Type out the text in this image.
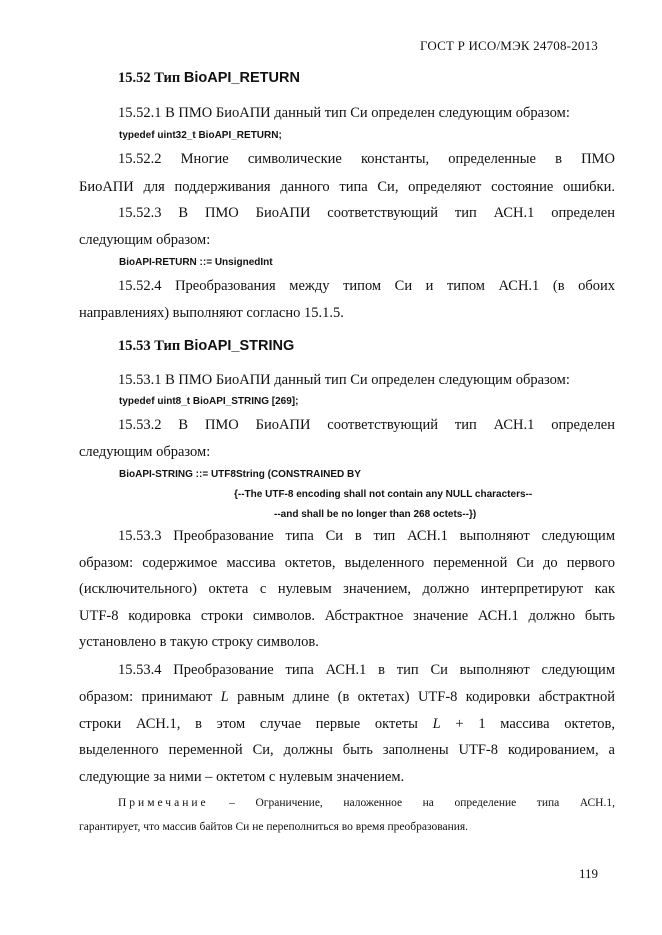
ГОСТ Р ИСО/МЭК 24708-2013
15.52 Тип BioAPI_RETURN
15.52.1 В ПМО БиоАПИ данный тип Си определен следующим образом:
typedef uint32_t BioAPI_RETURN;
15.52.2 Многие символические константы, определенные в ПМО
БиоАПИ для поддерживания данного типа Си, определяют состояние ошибки.
15.52.3 В ПМО БиоАПИ соответствующий тип АСН.1 определен
следующим образом:
BioAPI-RETURN ::= UnsignedInt
15.52.4 Преобразования между типом Си и типом АСН.1 (в обоих
направлениях) выполняют согласно 15.1.5.
15.53 Тип BioAPI_STRING
15.53.1 В ПМО БиоАПИ данный тип Си определен следующим образом:
typedef uint8_t BioAPI_STRING [269];
15.53.2 В ПМО БиоАПИ соответствующий тип АСН.1 определен
следующим образом:
BioAPI-STRING ::= UTF8String (CONSTRAINED BY
{--The UTF-8 encoding shall not contain any NULL characters--
--and shall be no longer than 268 octets--})
15.53.3 Преобразование типа Си в тип АСН.1 выполняют следующим
образом: содержимое массива октетов, выделенного переменной Си до первого
(исключительного) октета с нулевым значением, должно интерпретируют как
UTF-8 кодировка строки символов. Абстрактное значение АСН.1 должно быть
установлено в такую строку символов.
15.53.4 Преобразование типа АСН.1 в тип Си выполняют следующим
образом: принимают L равным длине (в октетах) UTF-8 кодировки абстрактной
строки АСН.1, в этом случае первые октеты L + 1 массива октетов,
выделенного переменной Си, должны быть заполнены UTF-8 кодированием, а
следующие за ними – октетом с нулевым значением.
Примечание – Ограничение, наложенное на определение типа АСН.1,
гарантирует, что массив байтов Си не переполниться во время преобразования.
119
